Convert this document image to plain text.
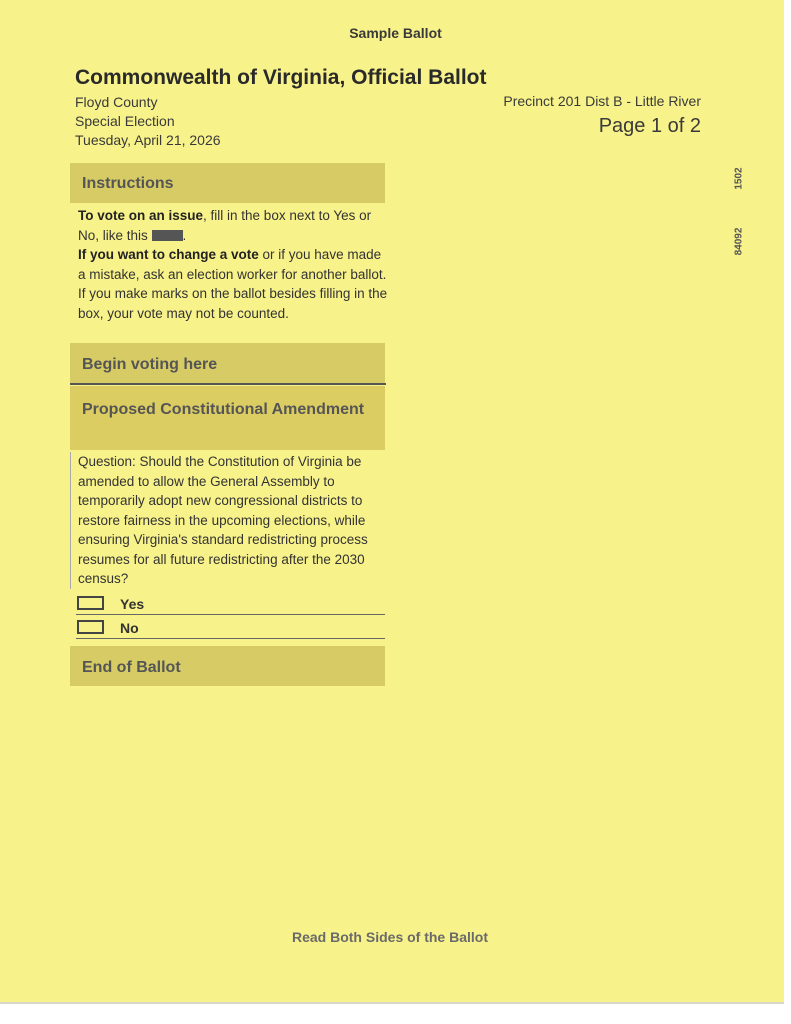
Sample Ballot
Commonwealth of Virginia, Official Ballot
Floyd County
Special Election
Tuesday, April 21, 2026
Precinct 201 Dist B - Little River
Page 1 of 2
1502
84092
Instructions
To vote on an issue, fill in the box next to Yes or No, like this .
If you want to change a vote or if you have made a mistake, ask an election worker for another ballot. If you make marks on the ballot besides filling in the box, your vote may not be counted.
Begin voting here
Proposed Constitutional Amendment
Question: Should the Constitution of Virginia be amended to allow the General Assembly to temporarily adopt new congressional districts to restore fairness in the upcoming elections, while ensuring Virginia's standard redistricting process resumes for all future redistricting after the 2030 census?
Yes
No
End of Ballot
Read Both Sides of the Ballot
